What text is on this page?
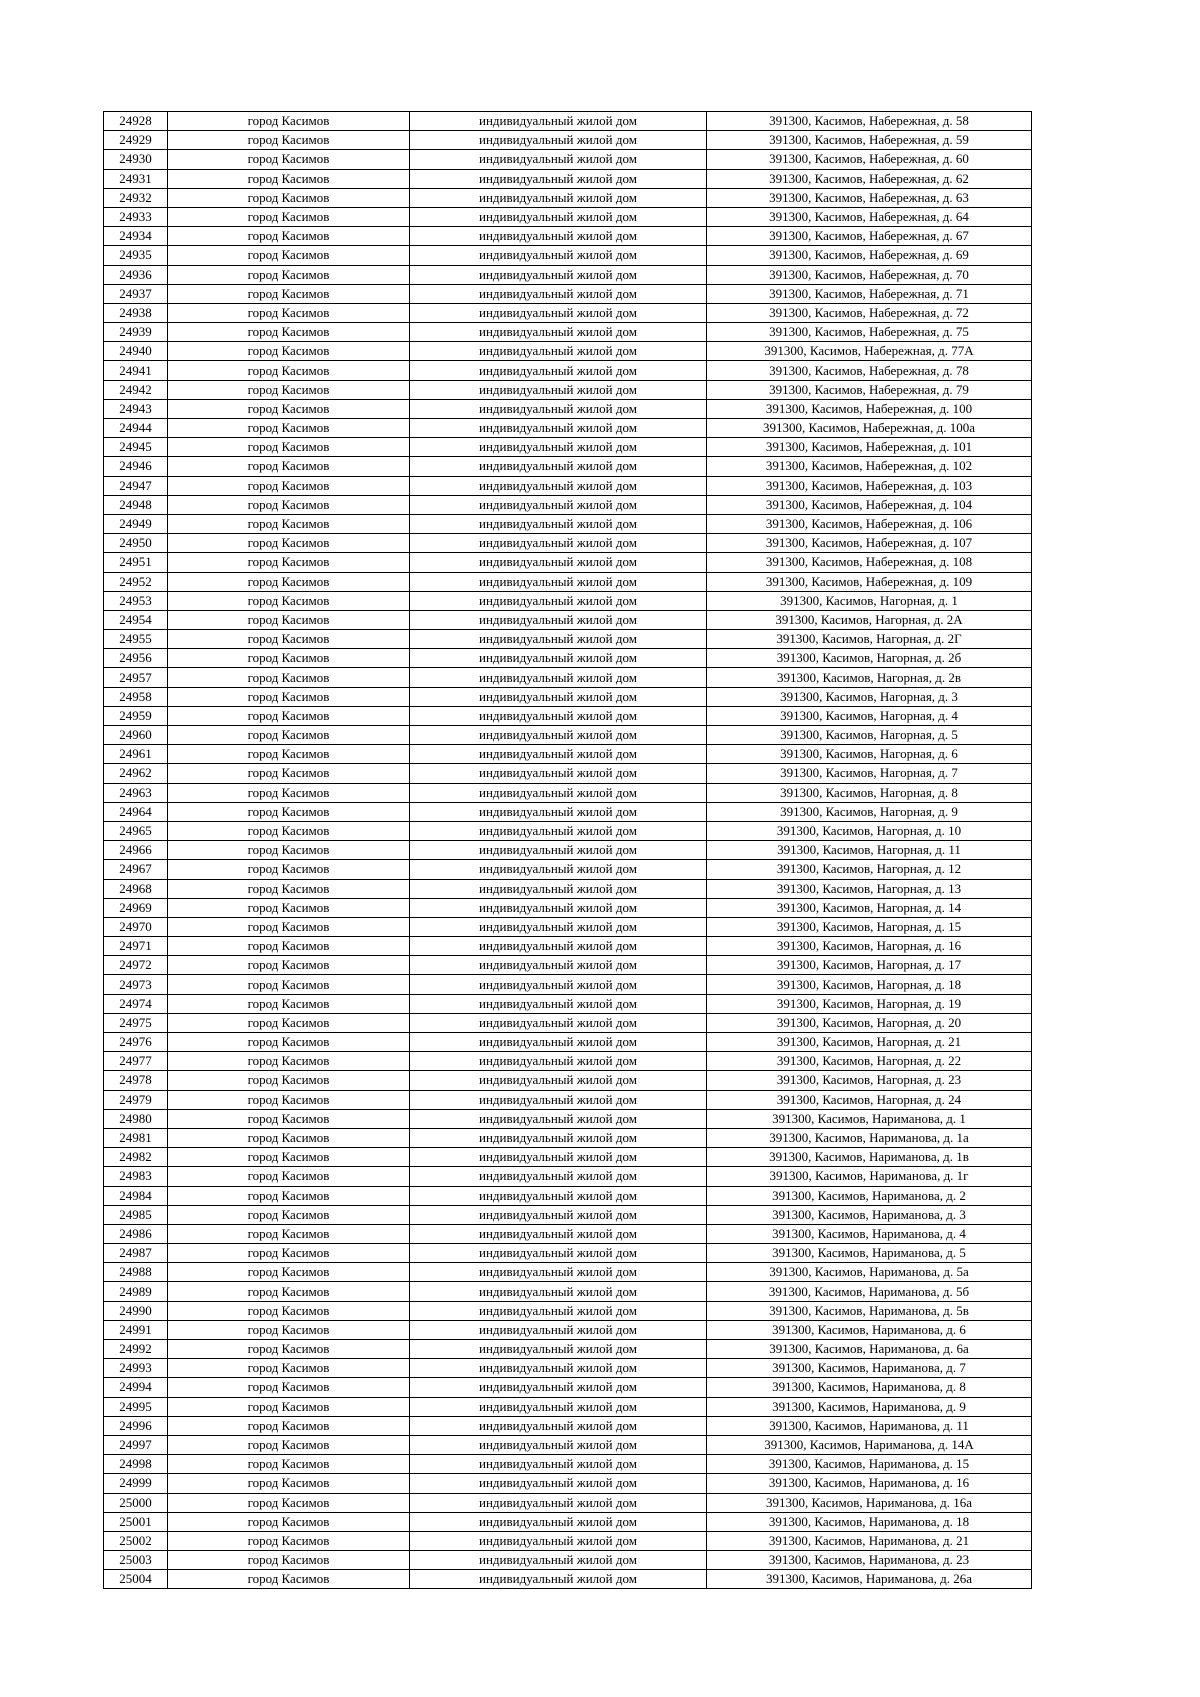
24928	город Касимов	индивидуальный жилой дом	391300, Касимов, Набережная, д. 58
24929	город Касимов	индивидуальный жилой дом	391300, Касимов, Набережная, д. 59
24930	город Касимов	индивидуальный жилой дом	391300, Касимов, Набережная, д. 60
24931	город Касимов	индивидуальный жилой дом	391300, Касимов, Набережная, д. 62
24932	город Касимов	индивидуальный жилой дом	391300, Касимов, Набережная, д. 63
24933	город Касимов	индивидуальный жилой дом	391300, Касимов, Набережная, д. 64
24934	город Касимов	индивидуальный жилой дом	391300, Касимов, Набережная, д. 67
24935	город Касимов	индивидуальный жилой дом	391300, Касимов, Набережная, д. 69
24936	город Касимов	индивидуальный жилой дом	391300, Касимов, Набережная, д. 70
24937	город Касимов	индивидуальный жилой дом	391300, Касимов, Набережная, д. 71
24938	город Касимов	индивидуальный жилой дом	391300, Касимов, Набережная, д. 72
24939	город Касимов	индивидуальный жилой дом	391300, Касимов, Набережная, д. 75
24940	город Касимов	индивидуальный жилой дом	391300, Касимов, Набережная, д. 77А
24941	город Касимов	индивидуальный жилой дом	391300, Касимов, Набережная, д. 78
24942	город Касимов	индивидуальный жилой дом	391300, Касимов, Набережная, д. 79
24943	город Касимов	индивидуальный жилой дом	391300, Касимов, Набережная, д. 100
24944	город Касимов	индивидуальный жилой дом	391300, Касимов, Набережная, д. 100а
24945	город Касимов	индивидуальный жилой дом	391300, Касимов, Набережная, д. 101
24946	город Касимов	индивидуальный жилой дом	391300, Касимов, Набережная, д. 102
24947	город Касимов	индивидуальный жилой дом	391300, Касимов, Набережная, д. 103
24948	город Касимов	индивидуальный жилой дом	391300, Касимов, Набережная, д. 104
24949	город Касимов	индивидуальный жилой дом	391300, Касимов, Набережная, д. 106
24950	город Касимов	индивидуальный жилой дом	391300, Касимов, Набережная, д. 107
24951	город Касимов	индивидуальный жилой дом	391300, Касимов, Набережная, д. 108
24952	город Касимов	индивидуальный жилой дом	391300, Касимов, Набережная, д. 109
24953	город Касимов	индивидуальный жилой дом	391300, Касимов, Нагорная, д. 1
24954	город Касимов	индивидуальный жилой дом	391300, Касимов, Нагорная, д. 2А
24955	город Касимов	индивидуальный жилой дом	391300, Касимов, Нагорная, д. 2Г
24956	город Касимов	индивидуальный жилой дом	391300, Касимов, Нагорная, д. 2б
24957	город Касимов	индивидуальный жилой дом	391300, Касимов, Нагорная, д. 2в
24958	город Касимов	индивидуальный жилой дом	391300, Касимов, Нагорная, д. 3
24959	город Касимов	индивидуальный жилой дом	391300, Касимов, Нагорная, д. 4
24960	город Касимов	индивидуальный жилой дом	391300, Касимов, Нагорная, д. 5
24961	город Касимов	индивидуальный жилой дом	391300, Касимов, Нагорная, д. 6
24962	город Касимов	индивидуальный жилой дом	391300, Касимов, Нагорная, д. 7
24963	город Касимов	индивидуальный жилой дом	391300, Касимов, Нагорная, д. 8
24964	город Касимов	индивидуальный жилой дом	391300, Касимов, Нагорная, д. 9
24965	город Касимов	индивидуальный жилой дом	391300, Касимов, Нагорная, д. 10
24966	город Касимов	индивидуальный жилой дом	391300, Касимов, Нагорная, д. 11
24967	город Касимов	индивидуальный жилой дом	391300, Касимов, Нагорная, д. 12
24968	город Касимов	индивидуальный жилой дом	391300, Касимов, Нагорная, д. 13
24969	город Касимов	индивидуальный жилой дом	391300, Касимов, Нагорная, д. 14
24970	город Касимов	индивидуальный жилой дом	391300, Касимов, Нагорная, д. 15
24971	город Касимов	индивидуальный жилой дом	391300, Касимов, Нагорная, д. 16
24972	город Касимов	индивидуальный жилой дом	391300, Касимов, Нагорная, д. 17
24973	город Касимов	индивидуальный жилой дом	391300, Касимов, Нагорная, д. 18
24974	город Касимов	индивидуальный жилой дом	391300, Касимов, Нагорная, д. 19
24975	город Касимов	индивидуальный жилой дом	391300, Касимов, Нагорная, д. 20
24976	город Касимов	индивидуальный жилой дом	391300, Касимов, Нагорная, д. 21
24977	город Касимов	индивидуальный жилой дом	391300, Касимов, Нагорная, д. 22
24978	город Касимов	индивидуальный жилой дом	391300, Касимов, Нагорная, д. 23
24979	город Касимов	индивидуальный жилой дом	391300, Касимов, Нагорная, д. 24
24980	город Касимов	индивидуальный жилой дом	391300, Касимов, Нариманова, д. 1
24981	город Касимов	индивидуальный жилой дом	391300, Касимов, Нариманова, д. 1а
24982	город Касимов	индивидуальный жилой дом	391300, Касимов, Нариманова, д. 1в
24983	город Касимов	индивидуальный жилой дом	391300, Касимов, Нариманова, д. 1г
24984	город Касимов	индивидуальный жилой дом	391300, Касимов, Нариманова, д. 2
24985	город Касимов	индивидуальный жилой дом	391300, Касимов, Нариманова, д. 3
24986	город Касимов	индивидуальный жилой дом	391300, Касимов, Нариманова, д. 4
24987	город Касимов	индивидуальный жилой дом	391300, Касимов, Нариманова, д. 5
24988	город Касимов	индивидуальный жилой дом	391300, Касимов, Нариманова, д. 5а
24989	город Касимов	индивидуальный жилой дом	391300, Касимов, Нариманова, д. 5б
24990	город Касимов	индивидуальный жилой дом	391300, Касимов, Нариманова, д. 5в
24991	город Касимов	индивидуальный жилой дом	391300, Касимов, Нариманова, д. 6
24992	город Касимов	индивидуальный жилой дом	391300, Касимов, Нариманова, д. 6а
24993	город Касимов	индивидуальный жилой дом	391300, Касимов, Нариманова, д. 7
24994	город Касимов	индивидуальный жилой дом	391300, Касимов, Нариманова, д. 8
24995	город Касимов	индивидуальный жилой дом	391300, Касимов, Нариманова, д. 9
24996	город Касимов	индивидуальный жилой дом	391300, Касимов, Нариманова, д. 11
24997	город Касимов	индивидуальный жилой дом	391300, Касимов, Нариманова, д. 14А
24998	город Касимов	индивидуальный жилой дом	391300, Касимов, Нариманова, д. 15
24999	город Касимов	индивидуальный жилой дом	391300, Касимов, Нариманова, д. 16
25000	город Касимов	индивидуальный жилой дом	391300, Касимов, Нариманова, д. 16а
25001	город Касимов	индивидуальный жилой дом	391300, Касимов, Нариманова, д. 18
25002	город Касимов	индивидуальный жилой дом	391300, Касимов, Нариманова, д. 21
25003	город Касимов	индивидуальный жилой дом	391300, Касимов, Нариманова, д. 23
25004	город Касимов	индивидуальный жилой дом	391300, Касимов, Нариманова, д. 26а
